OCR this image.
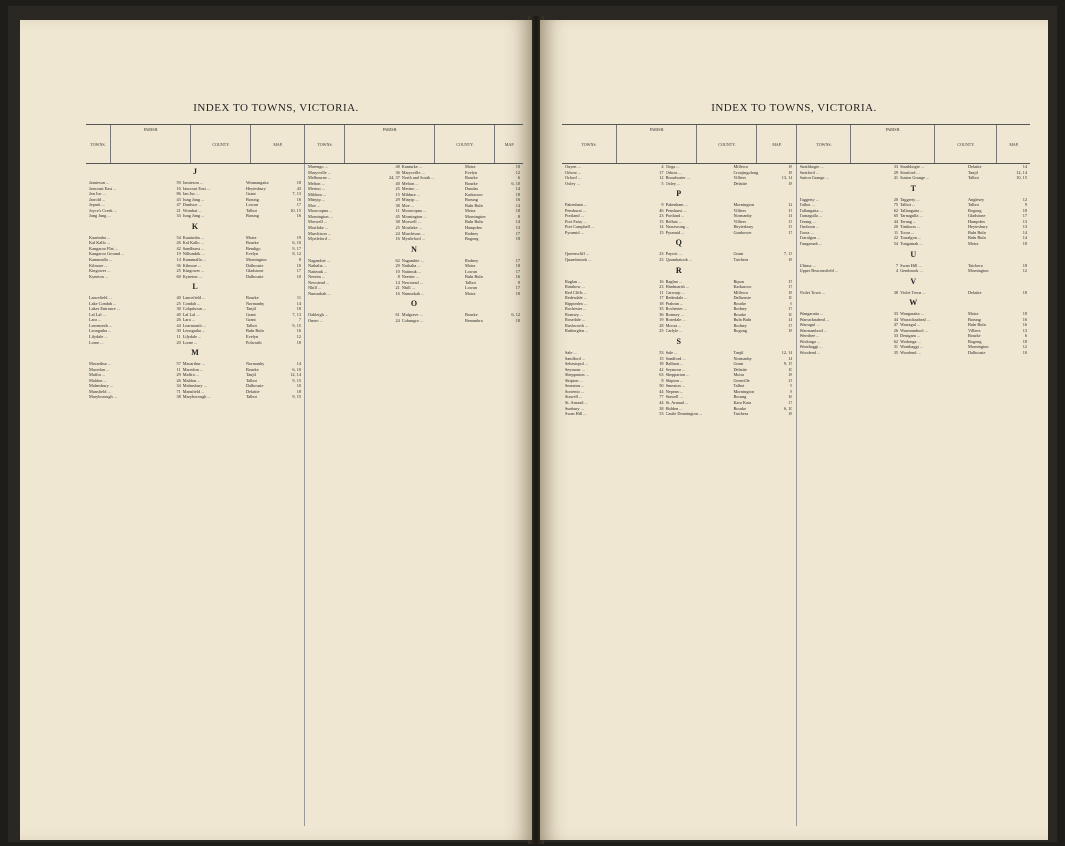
INDEX TO TOWNS, VICTORIA.
TOWNS.
PARISH.
COUNTY.	MAP.	TOWNS.
PARISH.
COUNTY.	MAP.
J
Jamieson ...	59 Jamieson ...	Wonnangatta	18
Jancourt East ...	16 Jancourt East ...	Heytesbury	43
Jan Juc ...	86 Jan Juc ...	Grant	7, 13
Jarrold ...	43 Jung Jung ...	Borung	16
Jeparit ...	47 Dunluce ...	Lowan	17
Joyce's Creek ...	21 Wombat ...	Talbot	10, 15
Jung Jung ...	33 Jung Jung ...	Borung	16
K
Kaarimba ...	54 Kaarimba ...	Moira	19
Kal Kallo ...	26 Kal Kallo ...	Bourke	6, 10
Kangaroo Flat ...	42 Sandhurst ...	Bendigo	9, 17
Kangaroo Ground ...	19 Nillumbik ...	Evelyn	8, 12
Kanumalla ...	14 Kanumalla ...	Mornington	8
Kilmore ...	36 Kilmore ...	Dalhousie	10
Kingower ...	25 Kingower ...	Gladstone	17
Kyneton ...	60 Kyneton ...	Dalhousie	10
L
Lancefield ...	40 Lancefield ...	Bourke	11
Lake Condah ...	25 Condah ...	Normanby	14
Lakes Entrance ...	30 Colquhoun ...	Tanjil	18
Lal Lal ...	40 Lal Lal ...	Grant	7, 13
Lara ...	26 Lara ...	Grant	7
Learmonth ...	44 Learmonth ...	Talbot	9, 15
Leongatha ...	30 Leongatha ...	Buln Buln	16
Lilydale ...	11 Lilydale ...	Evelyn	12
Lorne ...	20 Lorne ...	Polwarth	18
M
Macarthur ...	57 Macarthur ...	Normanby	14
Macedon ...	11 Macedon ...	Bourke	6, 10
Maffra ...	29 Maffra ...	Tanjil	12, 14
Maldon ...	26 Maldon ...	Talbot	9, 15
Malmsbury ...	34 Malmsbury ...	Dalhousie	10
Mansfield ...	71 Mansfield ...	Delatite	18
Maryborough ...	38 Maryborough ...	Talbot	9, 15
Marengo ...	48 Kanturke ...	Moira	18
Marysville ...	36 Marysville ...	Evelyn	12
Melbourne ...	24, 37 North and South ...	Bourke	6
Melton ...	40 Melton ...	Bourke	6, 10
Merino ...	25 Merino ...	Dundas	14
Mildura ...	15 Mildura ...	Karkarooc	18
Minyip ...	29 Minyip ...	Borung	16
Moe ...	38 Moe ...	Buln Buln	14
Mooroopna ...	11 Mooroopna ...	Moira	18
Mornington ...	45 Mornington ...	Mornington	8
Morwell ...	38 Morwell ...	Buln Buln	14
Mortlake ...	25 Mortlake ...	Hampden	13
Murchison ...	24 Murchison ...	Rodney	17
Myrtleford ...	16 Myrtleford ...	Bogong	18
N
Nagambie ...	62 Nagambie ...	Rodney	17
Nathalia ...	29 Nathalia ...	Moira	18
Natimuk ...	10 Natimuk ...	Lowan	17
Neerim ...	8 Neerim ...	Buln Buln	16
Newstead ...	14 Newstead ...	Talbot	9
Nhill ...	21 Nhill ...	Lowan	17
Numurkah ...	16 Numurkah ...	Moira	18
O
Oakleigh ...	61 Mulgrave ...	Bourke	6, 12
Omeo ...	24 Cobungra ...	Benambra	18
INDEX TO TOWNS, VICTORIA.
TOWNS.
PARISH.
COUNTY.	MAP.	TOWNS.
PARISH.
COUNTY.	MAP.
Ouyen ...	4 Tiega ...	Millewa	18
Orbost ...	17 Orbost ...	Croajingolong	18
Orford ...	12 Broadwater ...	Villiers	13, 14
Oxley ...	5 Oxley ...	Delatite	18
P
Pakenham ...	9 Pakenham ...	Mornington	12
Penshurst ...	46 Penshurst ...	Villiers	13
Portland ...	23 Portland ...	Normanby	14
Port Fairy ...	15 Belfast ...	Villiers	13
Port Campbell ...	14 Narrawong ...	Heytesbury	13
Pyramid ...	15 Pyramid ...	Gunbower	17
Q
Queenscliff ...	23 Paywit ...	Grant	7, 13
Quambatook ...	23 Quambatook ...	Tatchera	18
R
Raglan ...	16 Raglan ...	Ripon	15
Rainbow ...	23 Hindmarsh ...	Karkarooc	17
Red Cliffs ...	11 Carwarp ...	Millewa	18
Redesdale ...	17 Redesdale ...	Dalhousie	10
Ripponlea ...	18 Prahran ...	Bourke	6
Rochester ...	35 Rochester ...	Rodney	17
Romsey ...	36 Romsey ...	Bourke	10
Rosedale ...	19 Rosedale ...	Buln Buln	14
Rushworth ...	28 Moora ...	Rodney	17
Rutherglen ...	25 Carlyle ...	Bogong	18
S
Sale ...	53 Sale ...	Tanjil	12, 14
Sandford ...	15 Sandford ...	Normanby	14
Sebastopol ...	18 Ballarat ...	Grant	9, 15
Seymour ...	42 Seymour ...	Delatite	10
Shepparton ...	63 Shepparton ...	Moira	18
Skipton ...	8 Skipton ...	Grenville	13
Smeaton ...	50 Smeaton ...	Talbot	9
Sorrento ...	44 Nepean ...	Mornington	8
Stawell ...	77 Stawell ...	Borung	16
St. Arnaud ...	44 St. Arnaud ...	Kara Kara	17
Sunbury ...	38 Holden ...	Bourke	6, 10
Swan Hill ...	53 Castle Donnington ...	Tatchera	18
Strathbogie ...	33 Strathbogie ...	Delatite	14
Stratford ...	29 Stratford ...	Tanjil	12, 14
Sutton Grange ...	41 Sutton Grange ...	Talbot	10, 15
T
Taggerty ...	20 Taggerty ...	Anglesey	12
Talbot ...	75 Talbot ...	Talbot	9
Tallangatta ...	62 Tallangatta ...	Bogong	18
Tarnagulla ...	65 Tarnagulla ...	Gladstone	17
Terang ...	44 Terang ...	Hampden	13
Timboon ...	20 Timboon ...	Heytesbury	13
Toora ...	11 Toora ...	Buln Buln	14
Traralgon ...	22 Traralgon ...	Buln Buln	14
Tungamah ...	54 Tungamah ...	Moira	18
U
Ultima ...	7 Swan Hill ...	Tatchera	18
Upper Beaconsfield ...	4 Gembrook ...	Mornington	12
V
Violet Town ...	38 Violet Town ...	Delatite	18
W
Wangaratta ...	33 Wangaratta ...	Moira	18
Warracknabeal ...	44 Warracknabeal ...	Borung	16
Warragul ...	47 Warragul ...	Buln Buln	16
Warrnambool ...	26 Warrnambool ...	Villiers	13
Werribee ...	33 Deutgam ...	Bourke	6
Wodonga ...	62 Wodonga ...	Bogong	18
Wonthaggi ...	31 Wonthaggi ...	Mornington	12
Woodend ...	35 Woodend ...	Dalhousie	10
